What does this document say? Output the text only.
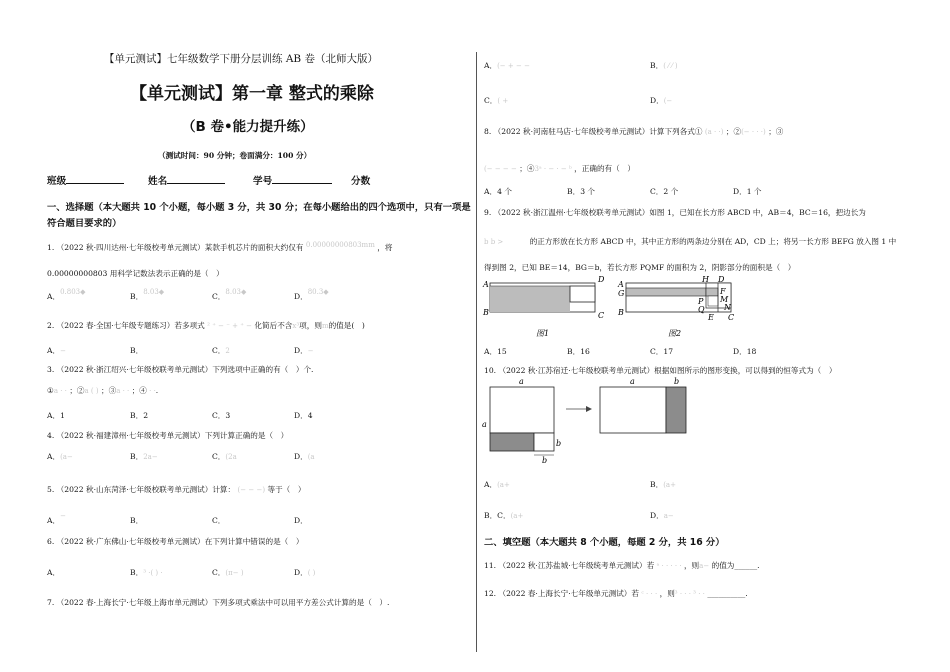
【单元测试】七年级数学下册分层训练 AB 卷（北师大版）
【单元测试】第一章 整式的乘除
（B 卷•能力提升练）
（测试时间：90 分钟；卷面满分：100 分）
班级	姓名	学号	分数
一、选择题（本大题共 10 个小题，每小题 3 分，共 30 分；在每小题给出的四个选项中，只有一项是
符合题目要求的）
1. （2022 秋·四川达州·七年级校考单元测试）某款手机芯片的面积大约仅有 0.00000000803mm ，将
0.00000000803 用科学记数法表示正确的是（　）
A．0.803◆	B．8.03◆	C．8.03◆	D．80.3◆
2. （2022 春·全国·七年级专题练习）若多项式 ² ⁺ − ⁻ + ⁺ − 化简后不含x³项，则m的值是(　)
A．−	B．	C．2	D．−
3. （2022 秋·浙江绍兴·七年级校联考单元测试）下列选项中正确的有（　）个.
①a · · ；②a ( ) ；③a · · ；④ · ·.
A．1	B．2	C．3	D．4
4. （2022 秋·福建漳州·七年级校考单元测试）下列计算正确的是（　）
A．(a−	B．2a−	C．(2a	D．(a
5. （2022 秋·山东菏泽·七年级校联考单元测试）计算： (− − −) 等于（　）
A．−	B．	C．	D．
6. （2022 秋·广东佛山·七年级校考单元测试）在下列计算中错误的是（　）
A．	B．³ ·( ) ·	C．(π− )	D．( )
7. （2022 春·上海长宁·七年级上海市单元测试）下列多项式乘法中可以用平方差公式计算的是（　）.
A．(− + − −	B．( ⁄ ⁄ )
C．( +	D．(−
8. （2022 秋·河南驻马店·七年级校考单元测试）计算下列各式① (a · ·) ；②(− · · ·) ；③
(− − − − ；④3ᵃ · − · − ᵇ ，正确的有（　）
A．4 个	B．3 个	C．2 个	D．1 个
9. （2022 秋·浙江温州·七年级校联考单元测试）如图 1，已知在长方形 ABCD 中，AB＝4，BC＝16，把边长为
b b >	的正方形放在长方形 ABCD 中，其中正方形的两条边分别在 AD，CD 上；将另一长方形 BEFG 放入图 1 中
得到图 2，已知 BE＝14，BG＝b，若长方形 PQMF 的面积为 2，阴影部分的面积是（　）
A
B
D
C
图1
A
G
B
P
Q
H D
F
M
N
E C
图2
A．15	B．16	C．17	D．18
10. （2022 秋·江苏宿迁·七年级校联考单元测试）根据如图所示的图形变换，可以得到的恒等式为（　）
a
a
b
b
a	b
A．(a+	B．(a+
B．C．(a+	D．a−
二、填空题（本大题共 8 个小题，每题 2 分，共 16 分）
11. （2022 秋·江苏盐城·七年级统考单元测试）若 ᵃ · · · · · ，则a− 的值为______.
12. （2022 春·上海长宁·七年级单元测试）若 ᶜ · · · ，则³ · · · ³ · · __________.
